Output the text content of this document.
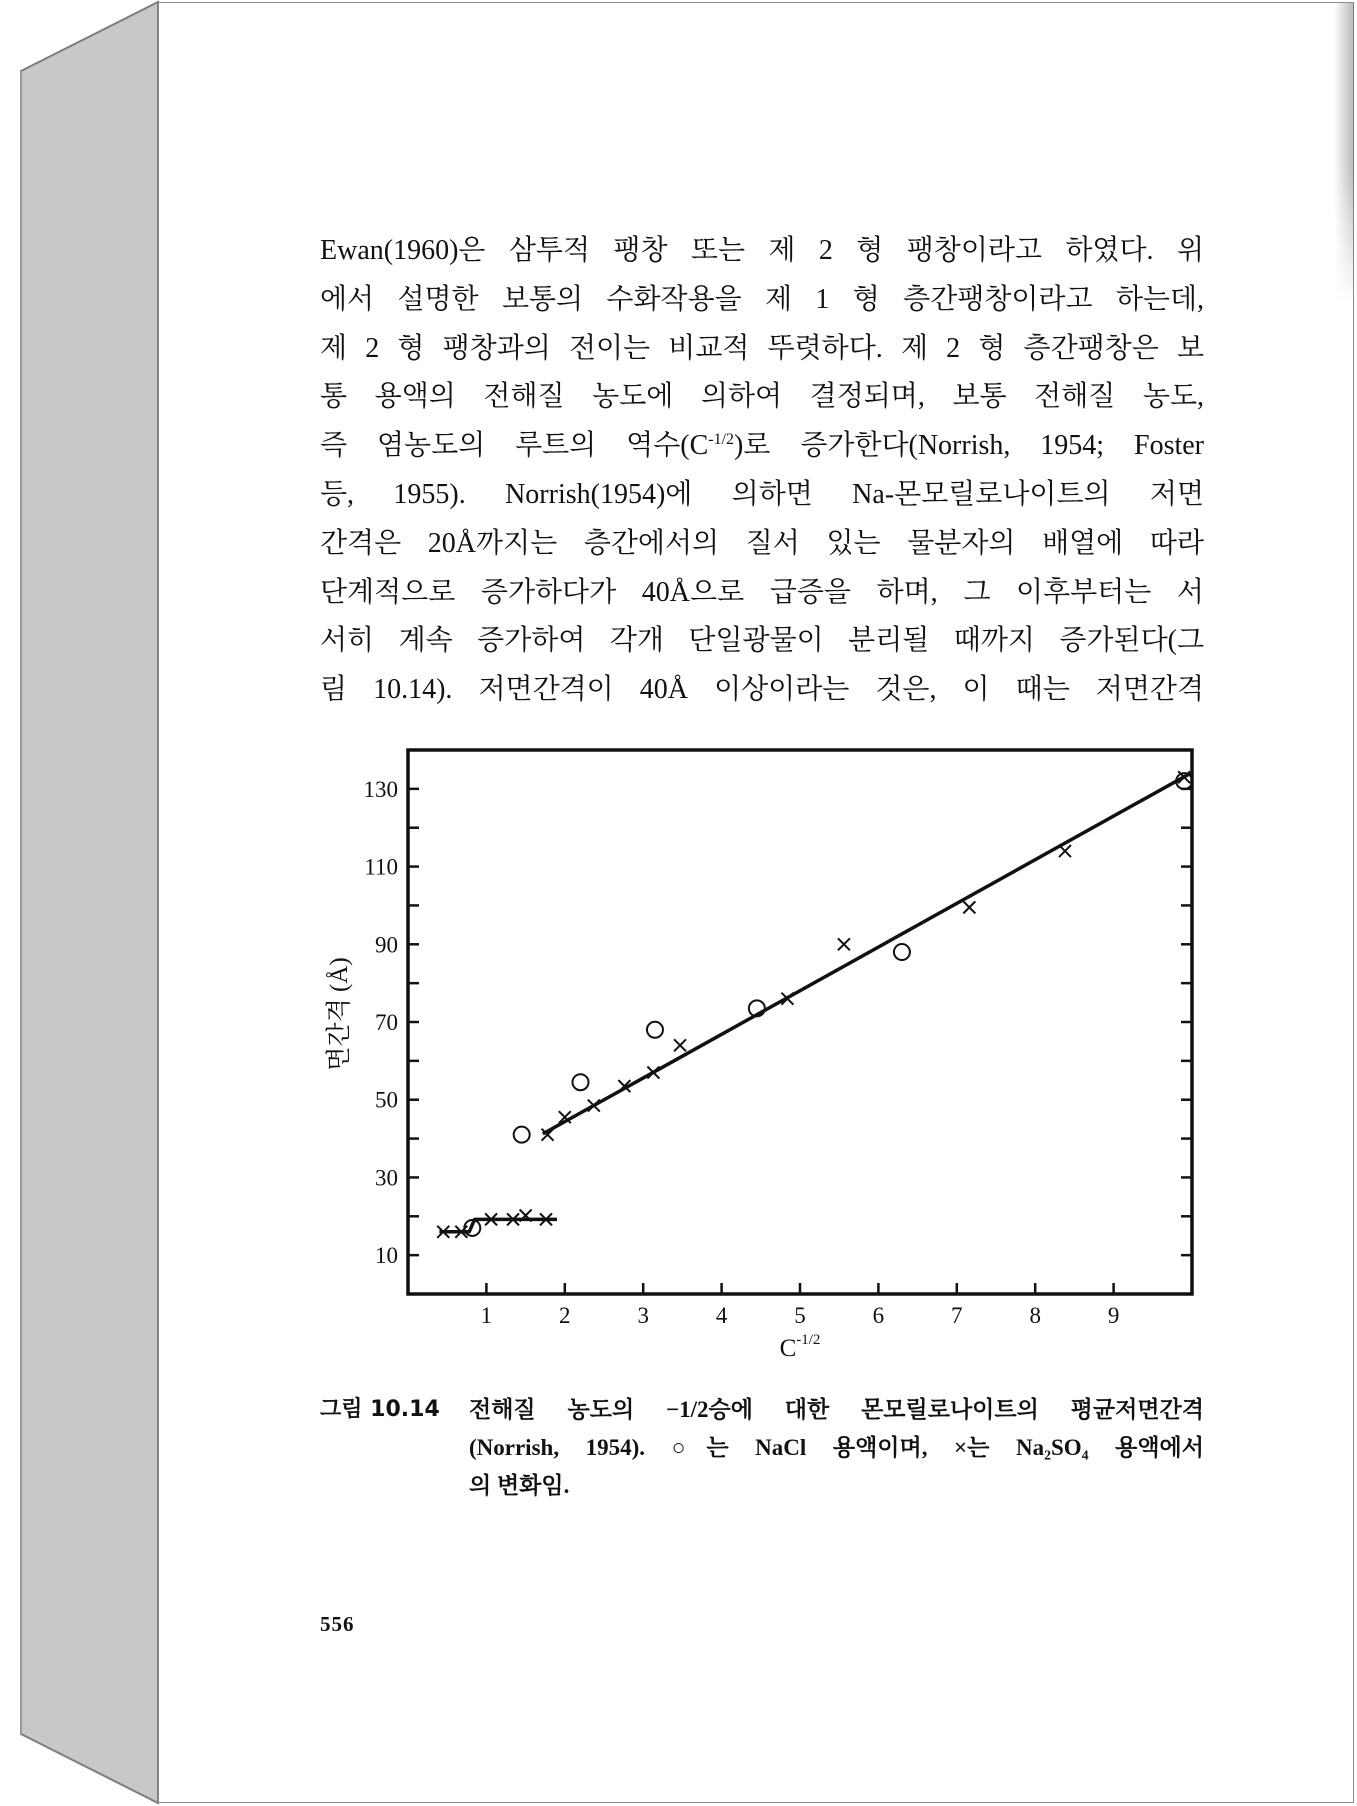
Ewan(1960)은 삼투적 팽창 또는 제 2 형 팽창이라고 하였다. 위
에서 설명한 보통의 수화작용을 제 1 형 층간팽창이라고 하는데,
제 2 형 팽창과의 전이는 비교적 뚜렷하다. 제 2 형 층간팽창은 보
통 용액의 전해질 농도에 의하여 결정되며, 보통 전해질 농도,
즉 염농도의 루트의 역수$(C^{-1/2})$로 증가한다(Norrish, 1954; Foster
등, 1955). Norrish(1954)에 의하면 Na-몬모릴로나이트의 저면
간격은 20Å까지는 층간에서의 질서 있는 물분자의 배열에 따라
단계적으로 증가하다가 40Å으로 급증을 하며, 그 이후부터는 서
서히 계속 증가하여 각개 단일광물이 분리될 때까지 증가된다(그
림 10.14). 저면간격이 40Å 이상이라는 것은, 이 때는 저면간격
10
30
50
70
90
110
130
1	2	3	4	5	6	7	8	9
$C^{-1/2}$
면간격 (Å)
그림 10.14 전해질 농도의 −1/2승에 대한 몬모릴로나이트의 평균저면간격
(Norrish, 1954). ○는 NaCl 용액이며, ×는 Na₂SO₄ 용액에서
의 변화임.
556
